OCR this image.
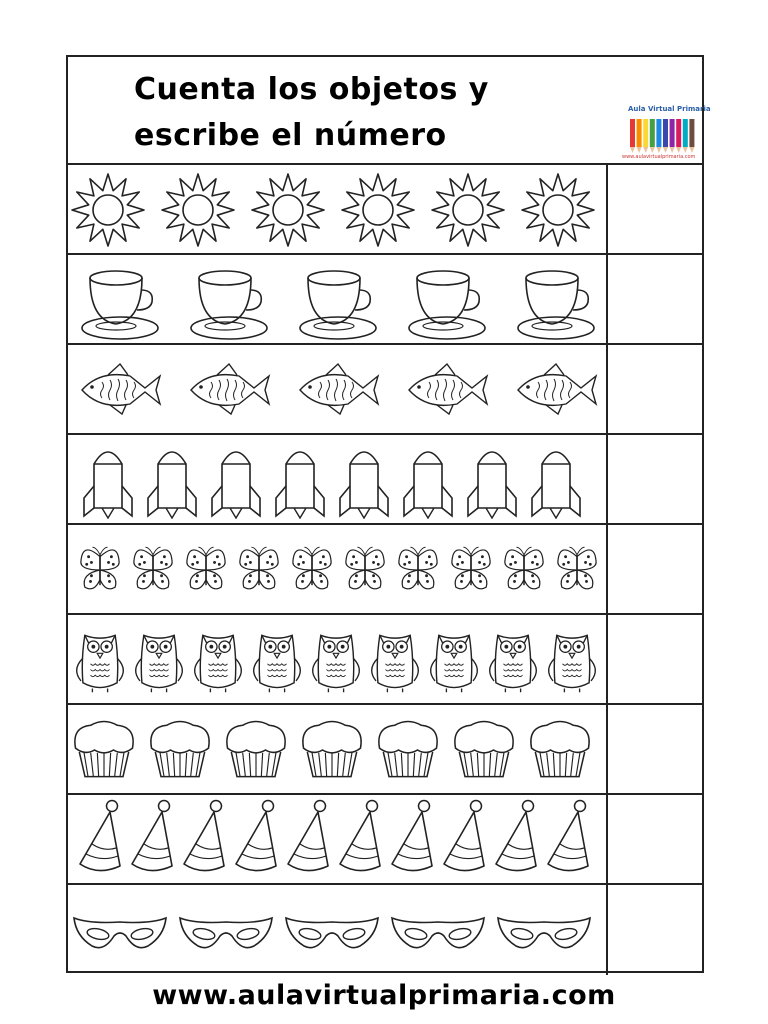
Cuenta los objetos y escribe el número
Aula Virtual Primaria
www.aulavirtualprimaria.com
www.aulavirtualprimaria.com
